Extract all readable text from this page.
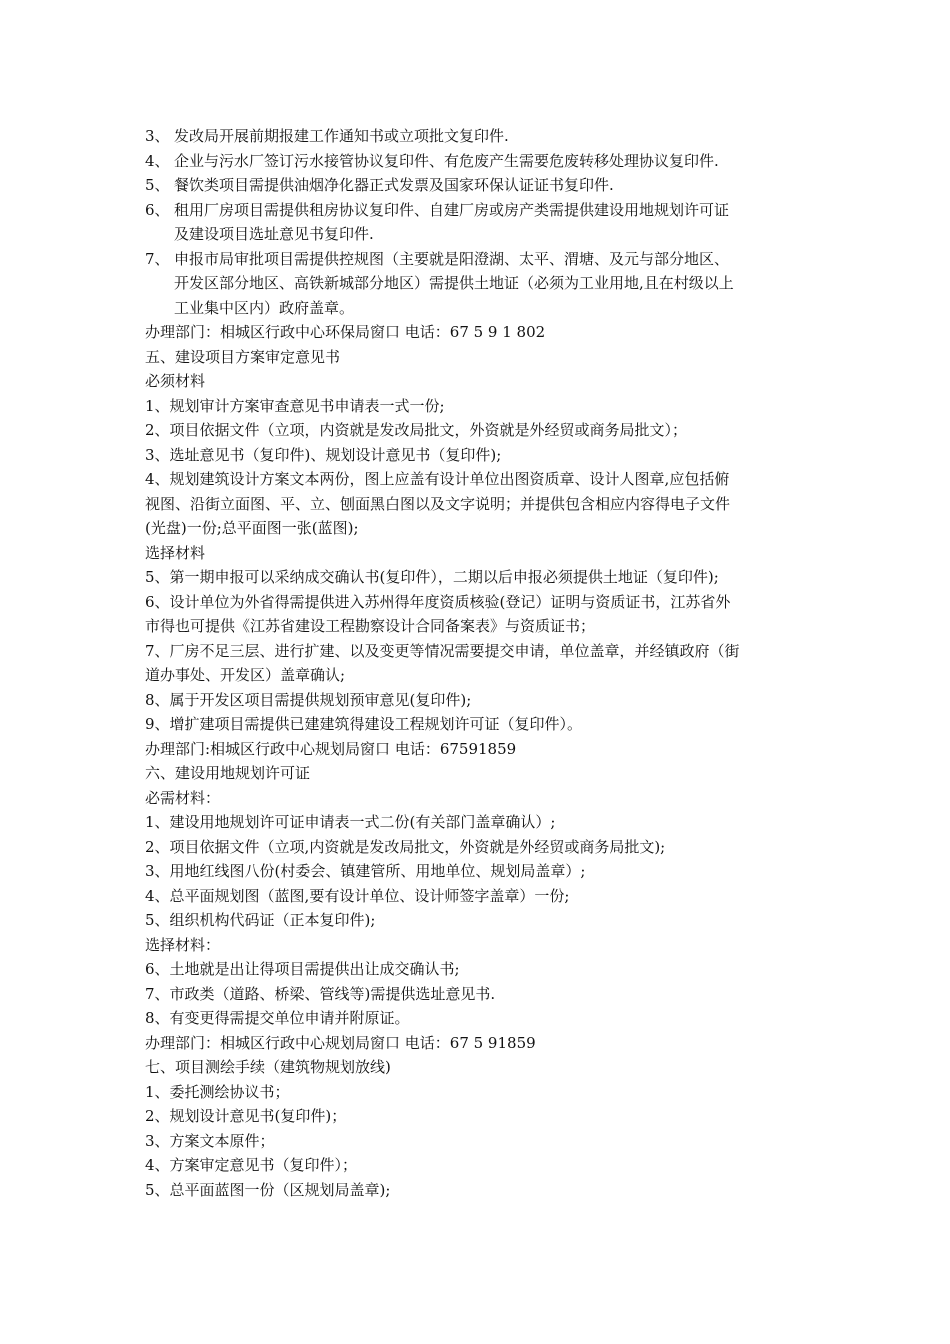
3、 发改局开展前期报建工作通知书或立项批文复印件.
4、 企业与污水厂签订污水接管协议复印件、有危废产生需要危废转移处理协议复印件.
5、 餐饮类项目需提供油烟净化器正式发票及国家环保认证证书复印件.
6、 租用厂房项目需提供租房协议复印件、自建厂房或房产类需提供建设用地规划许可证
及建设项目选址意见书复印件.
7、 申报市局审批项目需提供控规图（主要就是阳澄湖、太平、渭塘、及元与部分地区、
开发区部分地区、高铁新城部分地区）需提供土地证（必须为工业用地,且在村级以上
工业集中区内）政府盖章。
办理部门：相城区行政中心环保局窗口 电话：67 5 9 1 802
五、建设项目方案审定意见书
必须材料
1、规划审计方案审查意见书申请表一式一份;
2、项目依据文件（立项，内资就是发改局批文，外资就是外经贸或商务局批文）；
3、选址意见书（复印件)、规划设计意见书（复印件);
4、规划建筑设计方案文本两份，图上应盖有设计单位出图资质章、设计人图章,应包括俯
视图、沿街立面图、平、立、刨面黑白图以及文字说明；并提供包含相应内容得电子文件
(光盘)一份;总平面图一张(蓝图);
选择材料
5、第一期申报可以采纳成交确认书(复印件），二期以后申报必须提供土地证（复印件);
6、设计单位为外省得需提供进入苏州得年度资质核验(登记）证明与资质证书，江苏省外
市得也可提供《江苏省建设工程勘察设计合同备案表》与资质证书；
7、厂房不足三层、进行扩建、以及变更等情况需要提交申请，单位盖章，并经镇政府（街
道办事处、开发区）盖章确认;
8、属于开发区项目需提供规划预审意见(复印件);
9、增扩建项目需提供已建建筑得建设工程规划许可证（复印件）。
办理部门:相城区行政中心规划局窗口 电话：67591859
六、建设用地规划许可证
必需材料：
1、建设用地规划许可证申请表一式二份(有关部门盖章确认）;
2、项目依据文件（立项,内资就是发改局批文，外资就是外经贸或商务局批文);
3、用地红线图八份(村委会、镇建管所、用地单位、规划局盖章）;
4、总平面规划图（蓝图,要有设计单位、设计师签字盖章）一份;
5、组织机构代码证（正本复印件);
选择材料：
6、土地就是出让得项目需提供出让成交确认书;
7、市政类（道路、桥梁、管线等)需提供选址意见书.
8、有变更得需提交单位申请并附原证。
办理部门：相城区行政中心规划局窗口 电话：67 5 91859
七、项目测绘手续（建筑物规划放线)
1、委托测绘协议书；
2、规划设计意见书(复印件)；
3、方案文本原件；
4、方案审定意见书（复印件）；
5、总平面蓝图一份（区规划局盖章);
